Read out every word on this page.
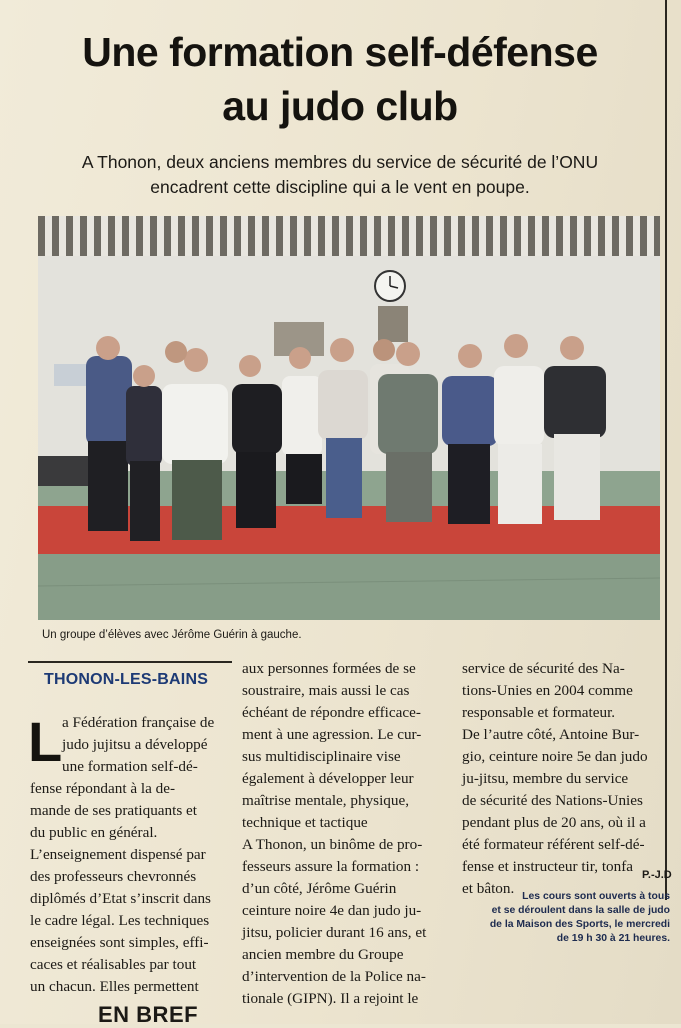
Une formation self-défense
au judo club
A Thonon, deux anciens membres du service de sécurité de l’ONU
encadrent cette discipline qui a le vent en poupe.
Un groupe d’élèves avec Jérôme Guérin à gauche.
THONON-LES-BAINS
L a Fédération française de
judo jujitsu a développé
une formation self-dé-
fense répondant à la de-
mande de ses pratiquants et
du public en général.
L’enseignement dispensé par
des professeurs chevronnés
diplômés d’Etat s’inscrit dans
le cadre légal. Les techniques
enseignées sont simples, effi-
caces et réalisables par tout
un chacun. Elles permettent
aux personnes formées de se
soustraire, mais aussi le cas
échéant de répondre efficace-
ment à une agression. Le cur-
sus multidisciplinaire vise
également à développer leur
maîtrise mentale, physique,
technique et tactique
A Thonon, un binôme de pro-
fesseurs assure la formation :
d’un côté, Jérôme Guérin
ceinture noire 4e dan judo ju-
jitsu, policier durant 16 ans, et
ancien membre du Groupe
d’intervention de la Police na-
tionale (GIPN). Il a rejoint le
service de sécurité des Na-
tions-Unies en 2004 comme
responsable et formateur.
De l’autre côté, Antoine Bur-
gio, ceinture noire 5e dan judo
ju-jitsu, membre du service
de sécurité des Nations-Unies
pendant plus de 20 ans, où il a
été formateur référent self-dé-
fense et instructeur tir, tonfa
et bâton.
P.-J.D
Les cours sont ouverts à tous
et se déroulent dans la salle de judo
de la Maison des Sports, le mercredi
de 19 h 30 à 21 heures.
EN BREF
